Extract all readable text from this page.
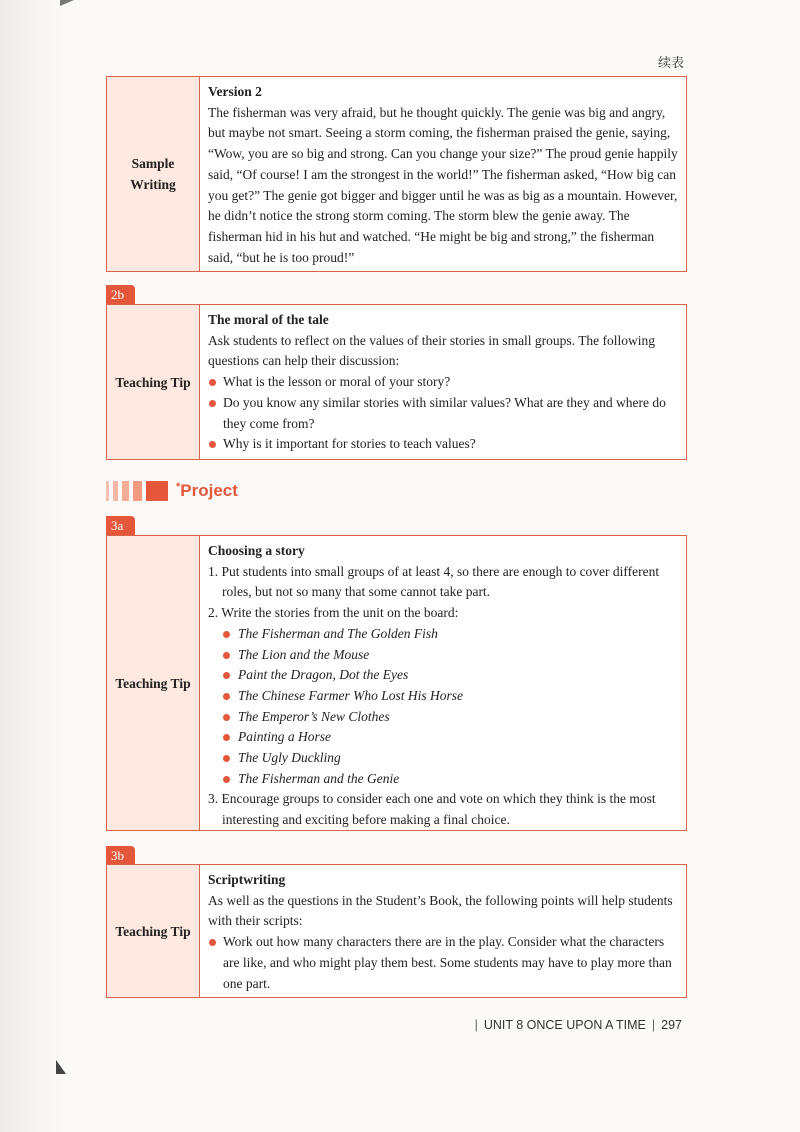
续表
Sample
Writing

Version 2

The fisherman was very afraid, but he thought quickly. The genie was big and angry, but maybe not smart. Seeing a storm coming, the fisherman praised the genie, saying, “Wow, you are so big and strong. Can you change your size?” The proud genie happily said, “Of course! I am the strongest in the world!” The fisherman asked, “How big can you get?” The genie got bigger and bigger until he was as big as a mountain. However, he didn’t notice the strong storm coming. The storm blew the genie away. The fisherman hid in his hut and watched. “He might be big and strong,” the fisherman said, “but he is too proud!”

2b
Teaching Tip

The moral of the tale

Ask students to reflect on the values of their stories in small groups. The following questions can help their discussion:

What is the lesson or moral of your story?
Do you know any similar stories with similar values? What are they and where do they come from?
Why is it important for stories to teach values?
*Project
3a
Teaching Tip

Choosing a story

1. Put students into small groups of at least 4, so there are enough to cover different roles, but not so many that some cannot take part.
2. Write the stories from the unit on the board:
The Fisherman and The Golden Fish
The Lion and the Mouse
Paint the Dragon, Dot the Eyes
The Chinese Farmer Who Lost His Horse
The Emperor’s New Clothes
Painting a Horse
The Ugly Duckling
The Fisherman and the Genie
3. Encourage groups to consider each one and vote on which they think is the most interesting and exciting before making a final choice.
3b
Teaching Tip

Scriptwriting

As well as the questions in the Student’s Book, the following points will help students with their scripts:

Work out how many characters there are in the play. Consider what the characters are like, and who might play them best. Some students may have to play more than one part.
| UNIT 8 ONCE UPON A TIME | 297
